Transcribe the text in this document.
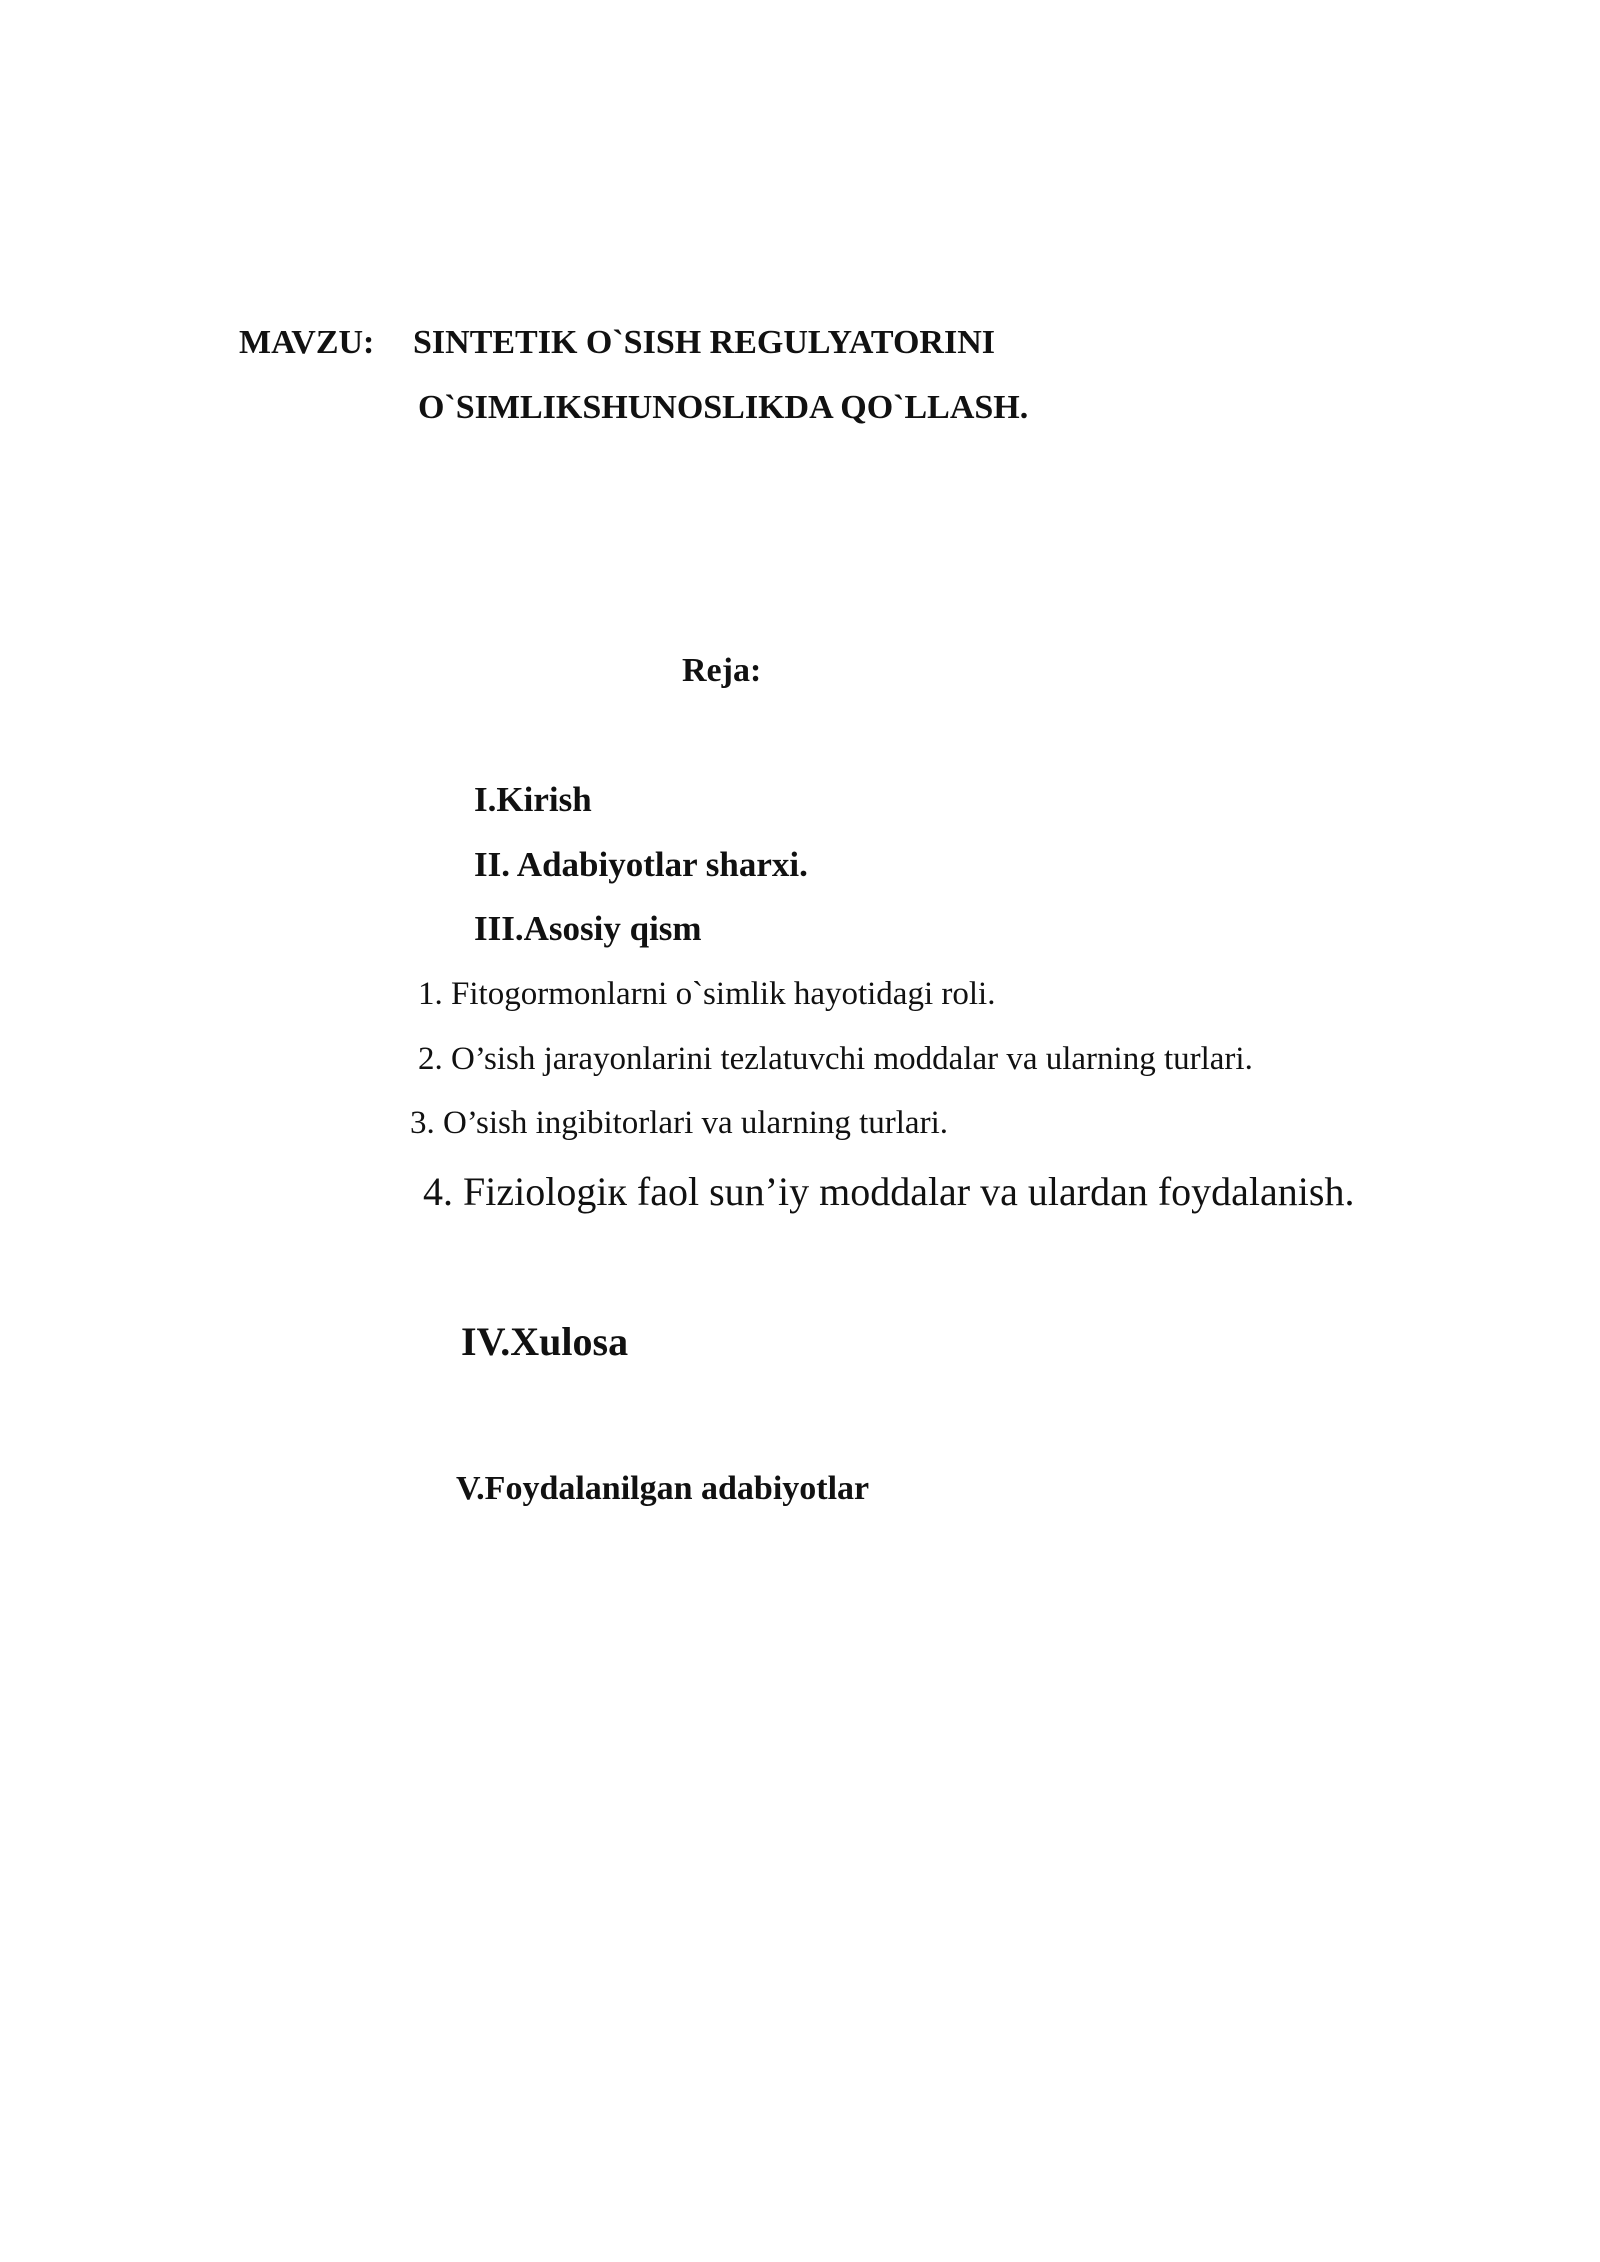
MAVZU: SINTETIK O`SISH REGULYATORINI
O`SIMLIKSHUNOSLIKDA QO`LLASH.
Reja:
I.Kirish
II. Adabiyotlar sharxi.
III.Asosiy qism
1. Fitogormonlarni o`simlik hayotidagi roli.
2. O’sish jarayonlarini tezlatuvchi moddalar va ularning turlari.
3. O’sish ingibitorlari va ularning turlari.
4. Fiziologiк faol sun’iy moddalar va ulardan foydalanish.
IV.Xulosa
V.Foydalanilgan adabiyotlar
